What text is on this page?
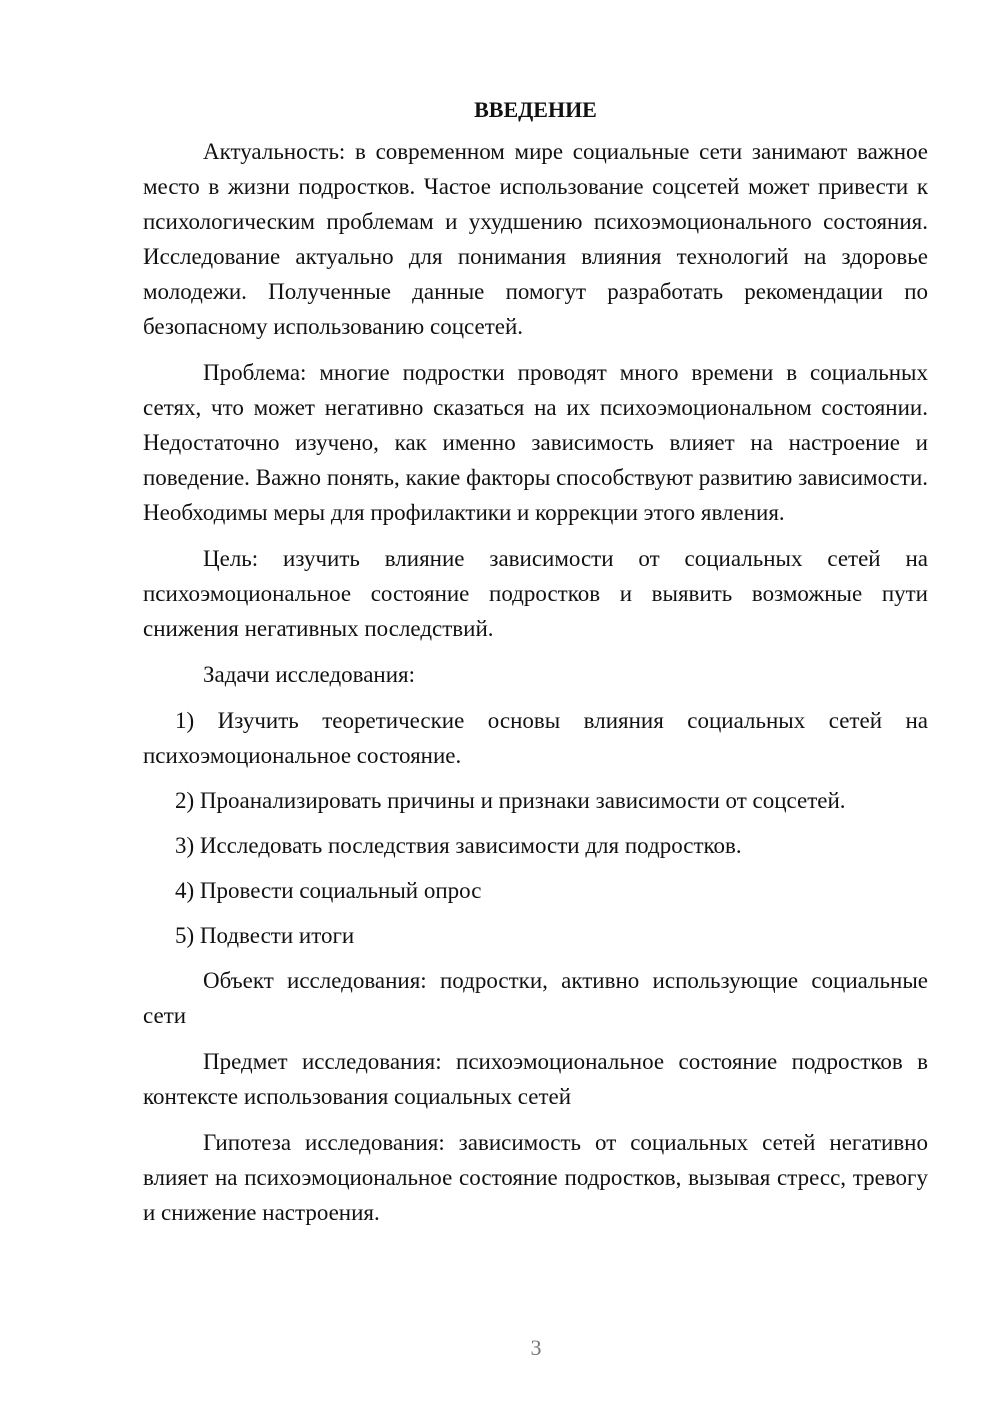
ВВЕДЕНИЕ

Актуальность: в современном мире социальные сети занимают важное место в жизни подростков. Частое использование соцсетей может привести к психологическим проблемам и ухудшению психоэмоционального состояния. Исследование актуально для понимания влияния технологий на здоровье молодежи. Полученные данные помогут разработать рекомендации по безопасному использованию соцсетей.

Проблема: многие подростки проводят много времени в социальных сетях, что может негативно сказаться на их психоэмоциональном состоянии. Недостаточно изучено, как именно зависимость влияет на настроение и поведение. Важно понять, какие факторы способствуют развитию зависимости. Необходимы меры для профилактики и коррекции этого явления.

Цель: изучить влияние зависимости от социальных сетей на психоэмоциональное состояние подростков и выявить возможные пути снижения негативных последствий.

Задачи исследования:

1) Изучить теоретические основы влияния социальных сетей на психоэмоциональное состояние.

2) Проанализировать причины и признаки зависимости от соцсетей.

3) Исследовать последствия зависимости для подростков.

4) Провести социальный опрос

5) Подвести итоги

Объект исследования: подростки, активно использующие социальные сети

Предмет исследования: психоэмоциональное состояние подростков в контексте использования социальных сетей

Гипотеза исследования: зависимость от социальных сетей негативно влияет на психоэмоциональное состояние подростков, вызывая стресс, тревогу и снижение настроения.

3
